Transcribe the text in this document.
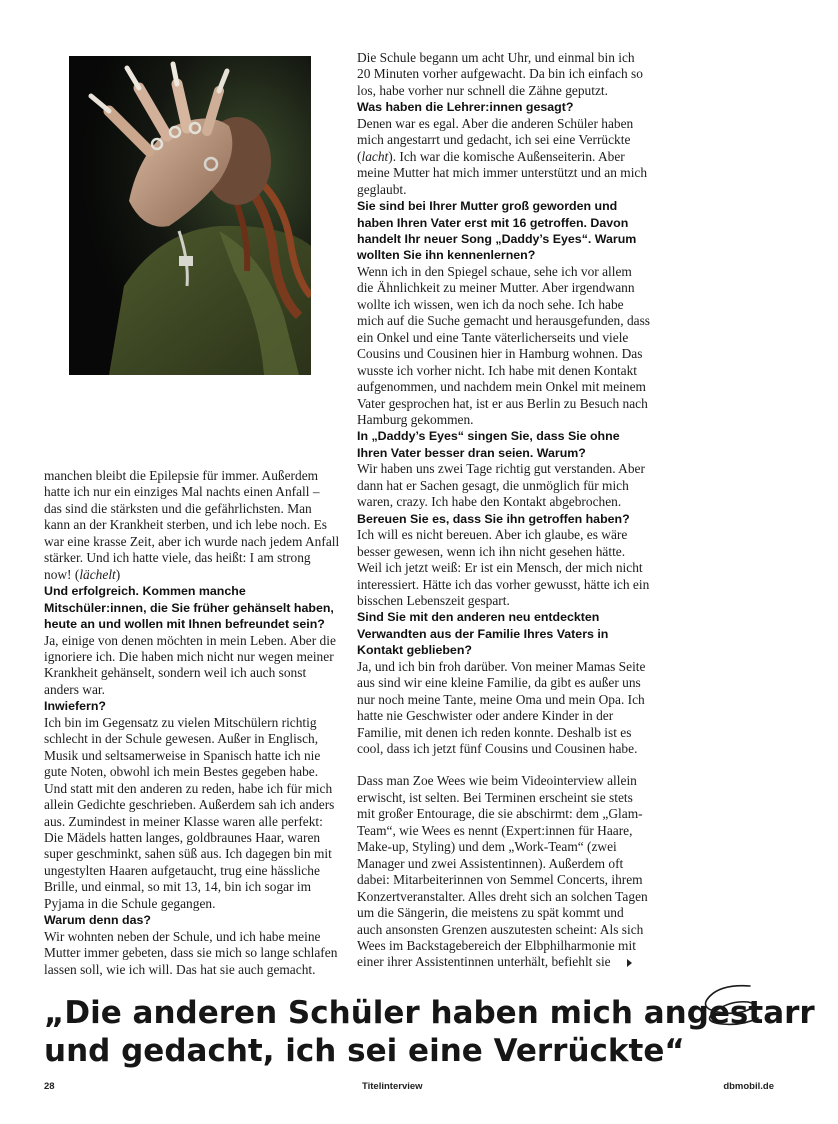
manchen bleibt die Epilepsie für immer. Außerdem hatte ich nur ein einziges Mal nachts einen Anfall – das sind die stärksten und die gefährlichsten. Man kann an der Krankheit sterben, und ich lebe noch. Es war eine krasse Zeit, aber ich wurde nach jedem Anfall stärker. Und ich hatte viele, das heißt: I am strong now! (lächelt)

Und erfolgreich. Kommen manche Mitschüler:innen, die Sie früher gehänselt haben, heute an und wollen mit Ihnen befreundet sein?

Ja, einige von denen möchten in mein Leben. Aber die ignoriere ich. Die haben mich nicht nur wegen meiner Krankheit gehänselt, sondern weil ich auch sonst anders war.

Inwiefern?

Ich bin im Gegensatz zu vielen Mitschülern richtig schlecht in der Schule gewesen. Außer in Englisch, Musik und seltsamerweise in Spanisch hatte ich nie gute Noten, obwohl ich mein Bestes gegeben habe. Und statt mit den anderen zu reden, habe ich für mich allein Gedichte geschrieben. Außerdem sah ich anders aus. Zumindest in meiner Klasse waren alle perfekt: Die Mädels hatten langes, goldbraunes Haar, waren super geschminkt, sahen süß aus. Ich dagegen bin mit ungestylten Haaren aufgetaucht, trug eine hässliche Brille, und einmal, so mit 13, 14, bin ich sogar im Pyjama in die Schule gegangen.

Warum denn das?

Wir wohnten neben der Schule, und ich habe meine Mutter immer gebeten, dass sie mich so lange schlafen lassen soll, wie ich will. Das hat sie auch gemacht.

Die Schule begann um acht Uhr, und einmal bin ich 20 Minuten vorher aufgewacht. Da bin ich einfach so los, habe vorher nur schnell die Zähne geputzt.

Was haben die Lehrer:innen gesagt?

Denen war es egal. Aber die anderen Schüler haben mich angestarrt und gedacht, ich sei eine Verrückte (lacht). Ich war die komische Außenseiterin. Aber meine Mutter hat mich immer unterstützt und an mich geglaubt.

Sie sind bei Ihrer Mutter groß geworden und haben Ihren Vater erst mit 16 getroffen. Davon handelt Ihr neuer Song „Daddy’s Eyes“. Warum wollten Sie ihn kennenlernen?

Wenn ich in den Spiegel schaue, sehe ich vor allem die Ähnlichkeit zu meiner Mutter. Aber irgendwann wollte ich wissen, wen ich da noch sehe. Ich habe mich auf die Suche gemacht und herausgefunden, dass ein Onkel und eine Tante väterlicherseits und viele Cousins und Cousinen hier in Hamburg wohnen. Das wusste ich vorher nicht. Ich habe mit denen Kontakt aufgenommen, und nachdem mein Onkel mit meinem Vater gesprochen hat, ist er aus Berlin zu Besuch nach Hamburg gekommen.

In „Daddy’s Eyes“ singen Sie, dass Sie ohne Ihren Vater besser dran seien. Warum?

Wir haben uns zwei Tage richtig gut verstanden. Aber dann hat er Sachen gesagt, die unmöglich für mich waren, crazy. Ich habe den Kontakt abgebrochen.

Bereuen Sie es, dass Sie ihn getroffen haben?

Ich will es nicht bereuen. Aber ich glaube, es wäre besser gewesen, wenn ich ihn nicht gesehen hätte. Weil ich jetzt weiß: Er ist ein Mensch, der mich nicht interessiert. Hätte ich das vorher gewusst, hätte ich ein bisschen Lebenszeit gespart.

Sind Sie mit den anderen neu entdeckten Verwandten aus der Familie Ihres Vaters in Kontakt geblieben?

Ja, und ich bin froh darüber. Von meiner Mamas Seite aus sind wir eine kleine Familie, da gibt es außer uns nur noch meine Tante, meine Oma und mein Opa. Ich hatte nie Geschwister oder andere Kinder in der Familie, mit denen ich reden konnte. Deshalb ist es cool, dass ich jetzt fünf Cousins und Cousinen habe.

Dass man Zoe Wees wie beim Videointerview allein erwischt, ist selten. Bei Terminen erscheint sie stets mit großer Entourage, die sie abschirmt: dem „Glam-Team“, wie Wees es nennt (Expert:innen für Haare, Make-up, Styling) und dem „Work-Team“ (zwei Manager und zwei Assistentinnen). Außerdem oft dabei: Mitarbeiterinnen von Semmel Concerts, ihrem Konzertveranstalter. Alles dreht sich an solchen Tagen um die Sängerin, die meistens zu spät kommt und auch ansonsten Grenzen auszutesten scheint: Als sich Wees im Backstagebereich der Elbphilharmonie mit einer ihrer Assistentinnen unterhält, befiehlt sie

„Die anderen Schüler haben mich angestarr
und gedacht, ich sei eine Verrückte“
28	Titelinterview	dbmobil.de
